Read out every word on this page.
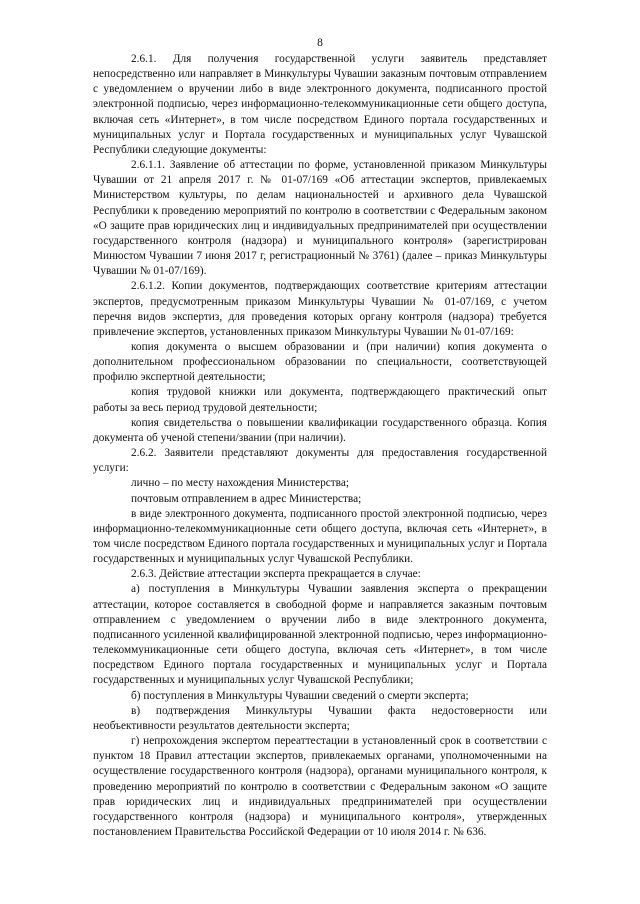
8

2.6.1. Для получения государственной услуги заявитель представляет непосредственно или направляет в Минкультуры Чувашии заказным почтовым отправлением с уведомлением о вручении либо в виде электронного документа, подписанного простой электронной подписью, через информационно-телекоммуникационные сети общего доступа, включая сеть «Интернет», в том числе посредством Единого портала государственных и муниципальных услуг и Портала государственных и муниципальных услуг Чувашской Республики следующие документы:

2.6.1.1. Заявление об аттестации по форме, установленной приказом Минкультуры Чувашии от 21 апреля 2017 г. № 01-07/169 «Об аттестации экспертов, привлекаемых Министерством культуры, по делам национальностей и архивного дела Чувашской Республики к проведению мероприятий по контролю в соответствии с Федеральным законом «О защите прав юридических лиц и индивидуальных предпринимателей при осуществлении государственного контроля (надзора) и муниципального контроля» (зарегистрирован Минюстом Чувашии 7 июня 2017 г, регистрационный № 3761) (далее – приказ Минкультуры Чувашии № 01-07/169).

2.6.1.2. Копии документов, подтверждающих соответствие критериям аттестации экспертов, предусмотренным приказом Минкультуры Чувашии № 01-07/169, с учетом перечня видов экспертиз, для проведения которых органу контроля (надзора) требуется привлечение экспертов, установленных приказом Минкультуры Чувашии № 01-07/169:

копия документа о высшем образовании и (при наличии) копия документа о дополнительном профессиональном образовании по специальности, соответствующей профилю экспертной деятельности;

копия трудовой книжки или документа, подтверждающего практический опыт работы за весь период трудовой деятельности;

копия свидетельства о повышении квалификации государственного образца. Копия документа об ученой степени/звании (при наличии).

2.6.2. Заявители представляют документы для предоставления государственной услуги:

лично – по месту нахождения Министерства;

почтовым отправлением в адрес Министерства;

в виде электронного документа, подписанного простой электронной подписью, через информационно-телекоммуникационные сети общего доступа, включая сеть «Интернет», в том числе посредством Единого портала государственных и муниципальных услуг и Портала государственных и муниципальных услуг Чувашской Республики.

2.6.3. Действие аттестации эксперта прекращается в случае:

а) поступления в Минкультуры Чувашии заявления эксперта о прекращении аттестации, которое составляется в свободной форме и направляется заказным почтовым отправлением с уведомлением о вручении либо в виде электронного документа, подписанного усиленной квалифицированной электронной подписью, через информационно-телекоммуникационные сети общего доступа, включая сеть «Интернет», в том числе посредством Единого портала государственных и муниципальных услуг и Портала государственных и муниципальных услуг Чувашской Республики;

б) поступления в Минкультуры Чувашии сведений о смерти эксперта;

в) подтверждения Минкультуры Чувашии факта недостоверности или необъективности результатов деятельности эксперта;

г) непрохождения экспертом переаттестации в установленный срок в соответствии с пунктом 18 Правил аттестации экспертов, привлекаемых органами, уполномоченными на осуществление государственного контроля (надзора), органами муниципального контроля, к проведению мероприятий по контролю в соответствии с Федеральным законом «О защите прав юридических лиц и индивидуальных предпринимателей при осуществлении государственного контроля (надзора) и муниципального контроля», утвержденных постановлением Правительства Российской Федерации от 10 июля 2014 г. № 636.
